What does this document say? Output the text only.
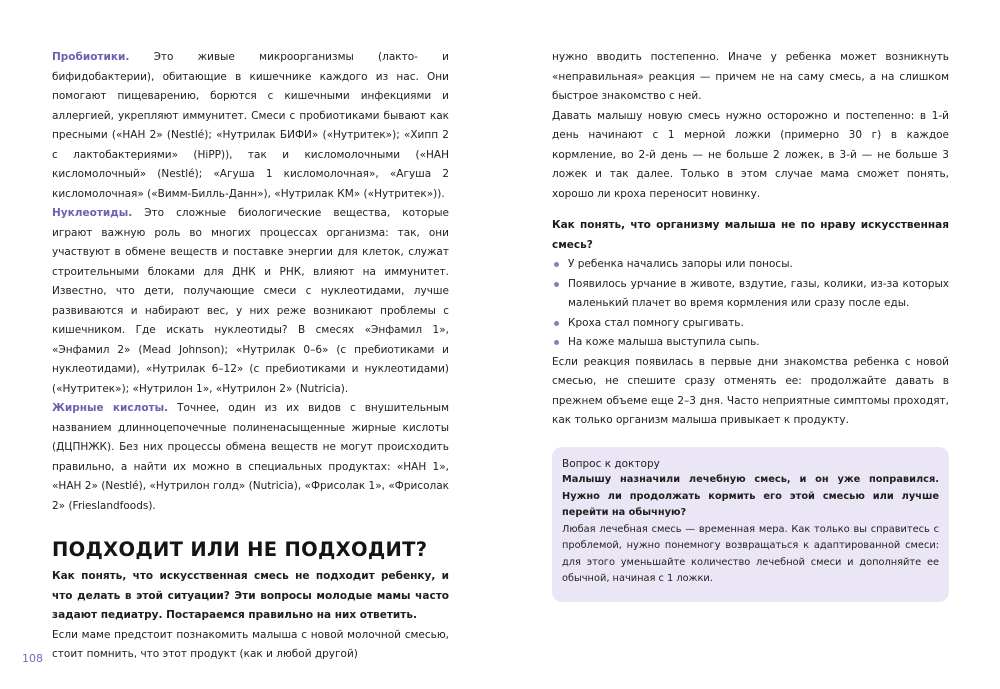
Пробиотики. Это живые микроорганизмы (лакто- и бифидобактерии), обитающие в кишечнике каждого из нас. Они помогают пищеварению, борются с кишечными инфекциями и аллергией, укрепляют иммунитет. Смеси с пробиотиками бывают как пресными («НАН 2» (Nestlé); «Нутрилак БИФИ» («Нутритек»); «Хипп 2 с лактобактериями» (HiPP)), так и кисломолочными («НАН кисломолочный» (Nestlé); «Агуша 1 кисломолочная», «Агуша 2 кисломолочная» («Вимм-Билль-Данн»), «Нутрилак КМ» («Нутритек»)).

Нуклеотиды. Это сложные биологические вещества, которые играют важную роль во многих процессах организма: так, они участвуют в обмене веществ и поставке энергии для клеток, служат строительными блоками для ДНК и РНК, влияют на иммунитет. Известно, что дети, получающие смеси с нуклеотидами, лучше развиваются и набирают вес, у них реже возникают проблемы с кишечником. Где искать нуклеотиды? В смесях «Энфамил 1», «Энфамил 2» (Mead Johnson); «Нутрилак 0–6» (с пребиотиками и нуклеотидами), «Нутрилак 6–12» (с пребиотиками и нуклеотидами) («Нутритек»); «Нутрилон 1», «Нутрилон 2» (Nutricia).

Жирные кислоты. Точнее, один из их видов с внушительным названием длинноцепочечные полиненасыщенные жирные кислоты (ДЦПНЖК). Без них процессы обмена веществ не могут происходить правильно, а найти их можно в специальных продуктах: «НАН 1», «НАН 2» (Nestlé), «Нутрилон голд» (Nutricia), «Фрисолак 1», «Фрисолак 2» (Frieslandfoods).

ПОДХОДИТ ИЛИ НЕ ПОДХОДИТ?

Как понять, что искусственная смесь не подходит ребенку, и что делать в этой ситуации? Эти вопросы молодые мамы часто задают педиатру. Постараемся правильно на них ответить.

Если маме предстоит познакомить малыша с новой молочной смесью, стоит помнить, что этот продукт (как и любой другой)

нужно вводить постепенно. Иначе у ребенка может возникнуть «неправильная» реакция — причем не на саму смесь, а на слишком быстрое знакомство с ней.

Давать малышу новую смесь нужно осторожно и постепенно: в 1-й день начинают с 1 мерной ложки (примерно 30 г) в каждое кормление, во 2-й день — не больше 2 ложек, в 3-й — не больше 3 ложек и так далее. Только в этом случае мама сможет понять, хорошо ли кроха переносит новинку.

Как понять, что организму малыша не по нраву искусственная смесь?

У ребенка начались запоры или поносы.
Появилось урчание в животе, вздутие, газы, колики, из-за которых маленький плачет во время кормления или сразу после еды.
Кроха стал помногу срыгивать.
На коже малыша выступила сыпь.

Если реакция появилась в первые дни знакомства ребенка с новой смесью, не спешите сразу отменять ее: продолжайте давать в прежнем объеме еще 2–3 дня. Часто неприятные симптомы проходят, как только организм малыша привыкает к продукту.

Вопрос к доктору

Малышу назначили лечебную смесь, и он уже поправился. Нужно ли продолжать кормить его этой смесью или лучше перейти на обычную?

Любая лечебная смесь — временная мера. Как только вы справитесь с проблемой, нужно понемногу возвращаться к адаптированной смеси: для этого уменьшайте количество лечебной смеси и дополняйте ее обычной, начиная с 1 ложки.

108
